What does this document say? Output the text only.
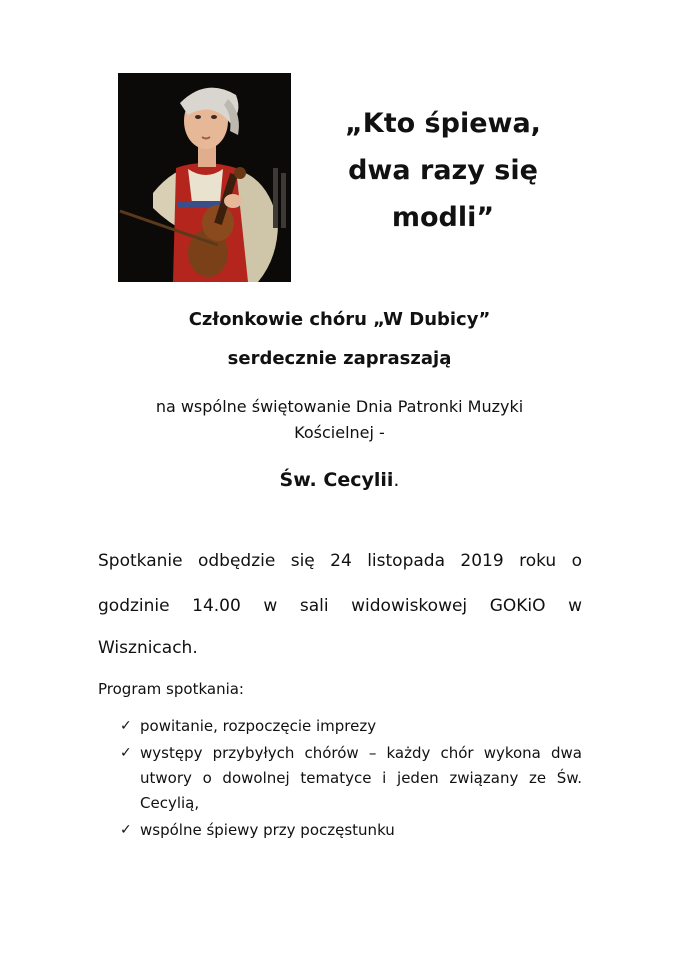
„Kto śpiewa,
dwa razy się
modli”
Członkowie chóru „W Dubicy”
serdecznie zapraszają
na wspólne świętowanie Dnia Patronki Muzyki
Kościelnej -
Św. Cecylii.
Spotkanie odbędzie się 24 listopada 2019 roku o
godzinie 14.00 w sali widowiskowej GOKiO w
Wisznicach.
Program spotkania:
✓ powitanie, rozpoczęcie imprezy
✓ występy przybyłych chórów – każdy chór wykona dwa utwory o dowolnej tematyce i jeden związany ze Św. Cecylią,
✓ wspólne śpiewy przy poczęstunku
